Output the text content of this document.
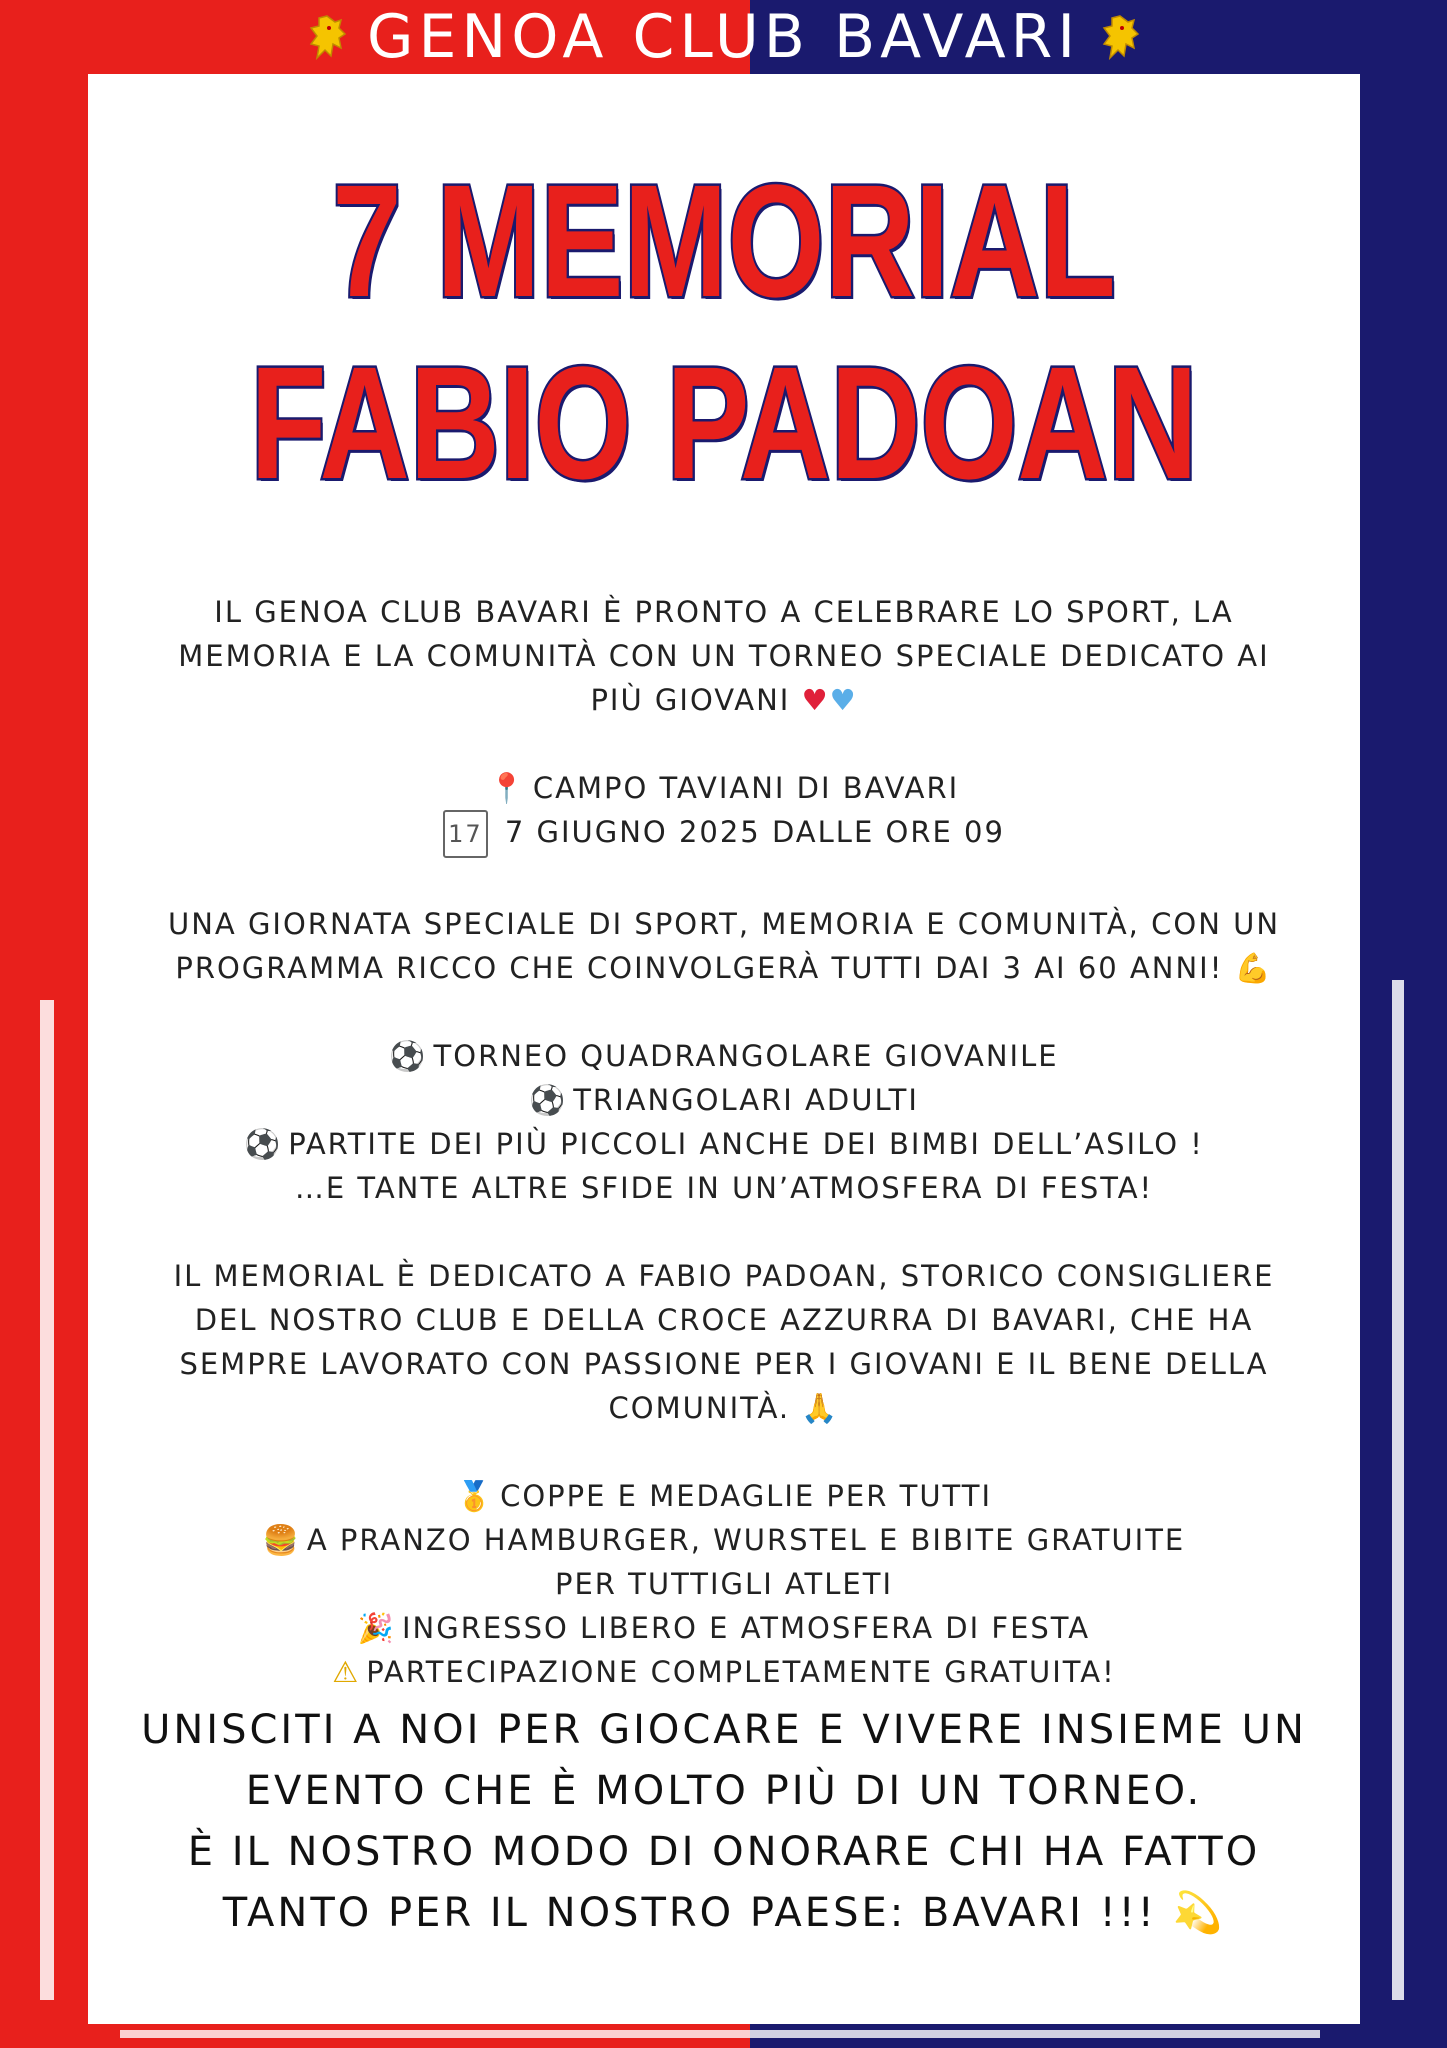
GENOA CLUB BAVARI
7 MEMORIAL
FABIO PADOAN

IL GENOA CLUB BAVARI È PRONTO A CELEBRARE LO SPORT, LA

MEMORIA E LA COMUNITÀ CON UN TORNEO SPECIALE DEDICATO AI

PIÙ GIOVANI ♥♥

📍 CAMPO TAVIANI DI BAVARI

17 7 GIUGNO 2025 DALLE ORE 09

UNA GIORNATA SPECIALE DI SPORT, MEMORIA E COMUNITÀ, CON UN

PROGRAMMA RICCO CHE COINVOLGERÀ TUTTI DAI 3 AI 60 ANNI! 💪

⚽ TORNEO QUADRANGOLARE GIOVANILE

⚽ TRIANGOLARI ADULTI

⚽ PARTITE DEI PIÙ PICCOLI ANCHE DEI BIMBI DELL’ASILO !

…E TANTE ALTRE SFIDE IN UN’ATMOSFERA DI FESTA!

IL MEMORIAL È DEDICATO A FABIO PADOAN, STORICO CONSIGLIERE

DEL NOSTRO CLUB E DELLA CROCE AZZURRA DI BAVARI, CHE HA

SEMPRE LAVORATO CON PASSIONE PER I GIOVANI E IL BENE DELLA

COMUNITÀ. 🙏

🥇 COPPE E MEDAGLIE PER TUTTI

🍔 A PRANZO HAMBURGER, WURSTEL E BIBITE GRATUITE

PER TUTTIGLI ATLETI

🎉 INGRESSO LIBERO E ATMOSFERA DI FESTA

⚠ PARTECIPAZIONE COMPLETAMENTE GRATUITA!

UNISCITI A NOI PER GIOCARE E VIVERE INSIEME UN

EVENTO CHE È MOLTO PIÙ DI UN TORNEO.

È IL NOSTRO MODO DI ONORARE CHI HA FATTO

TANTO PER IL NOSTRO PAESE: BAVARI !!! 💫
